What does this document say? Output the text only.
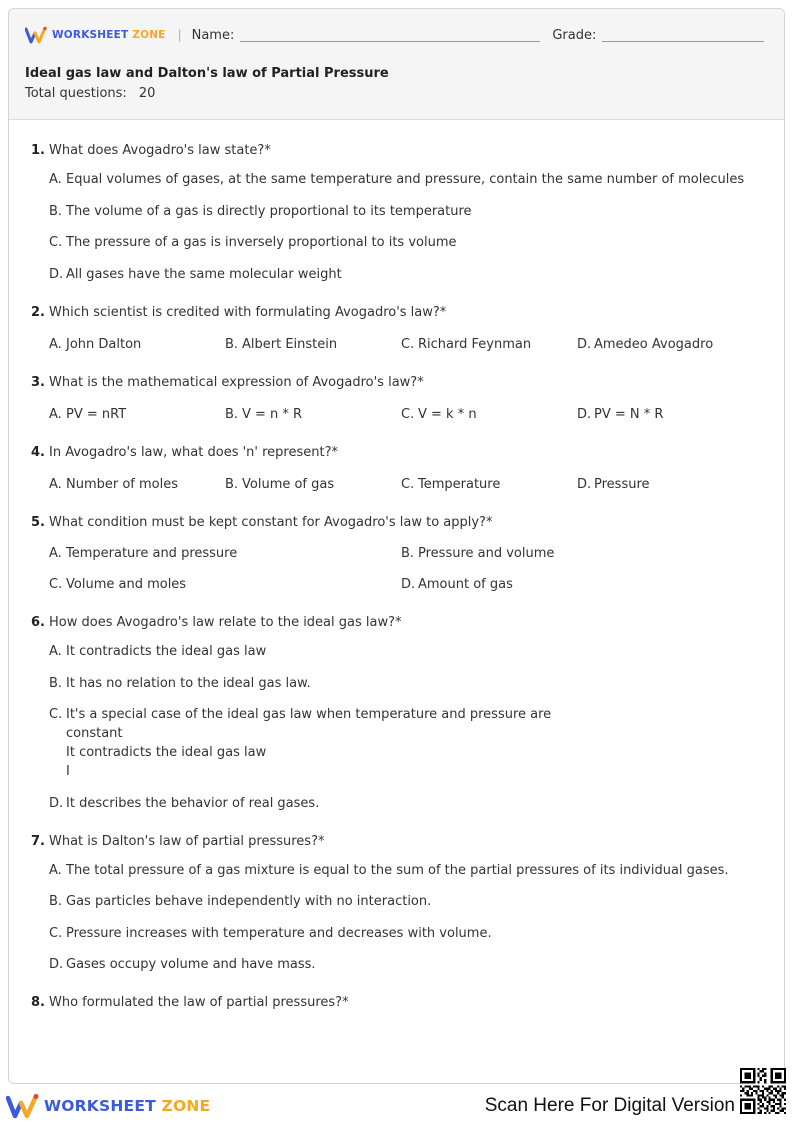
WORKSHEET ZONE | Name:	Grade:
Ideal gas law and Dalton's law of Partial Pressure
Total questions: 20
1. What does Avogadro's law state?*
A. Equal volumes of gases, at the same temperature and pressure, contain the same number of molecules
B. The volume of a gas is directly proportional to its temperature
C. The pressure of a gas is inversely proportional to its volume
D. All gases have the same molecular weight
2. Which scientist is credited with formulating Avogadro's law?*
A. John Dalton	B. Albert Einstein	C. Richard Feynman	D. Amedeo Avogadro
3. What is the mathematical expression of Avogadro's law?*
A. PV = nRT	B. V = n * R	C. V = k * n	D. PV = N * R
4. In Avogadro's law, what does 'n' represent?*
A. Number of moles	B. Volume of gas	C. Temperature	D. Pressure
5. What condition must be kept constant for Avogadro's law to apply?*
A. Temperature and pressure	B. Pressure and volume
C. Volume and moles	D. Amount of gas
6. How does Avogadro's law relate to the ideal gas law?*
A. It contradicts the ideal gas law
B. It has no relation to the ideal gas law.
C. It's a special case of the ideal gas law when temperature and pressure are
constant
It contradicts the ideal gas law
I
D. It describes the behavior of real gases.
7. What is Dalton's law of partial pressures?*
A. The total pressure of a gas mixture is equal to the sum of the partial pressures of its individual gases.
B. Gas particles behave independently with no interaction.
C. Pressure increases with temperature and decreases with volume.
D. Gases occupy volume and have mass.
8. Who formulated the law of partial pressures?*
WORKSHEET ZONE	Scan Here For Digital Version
